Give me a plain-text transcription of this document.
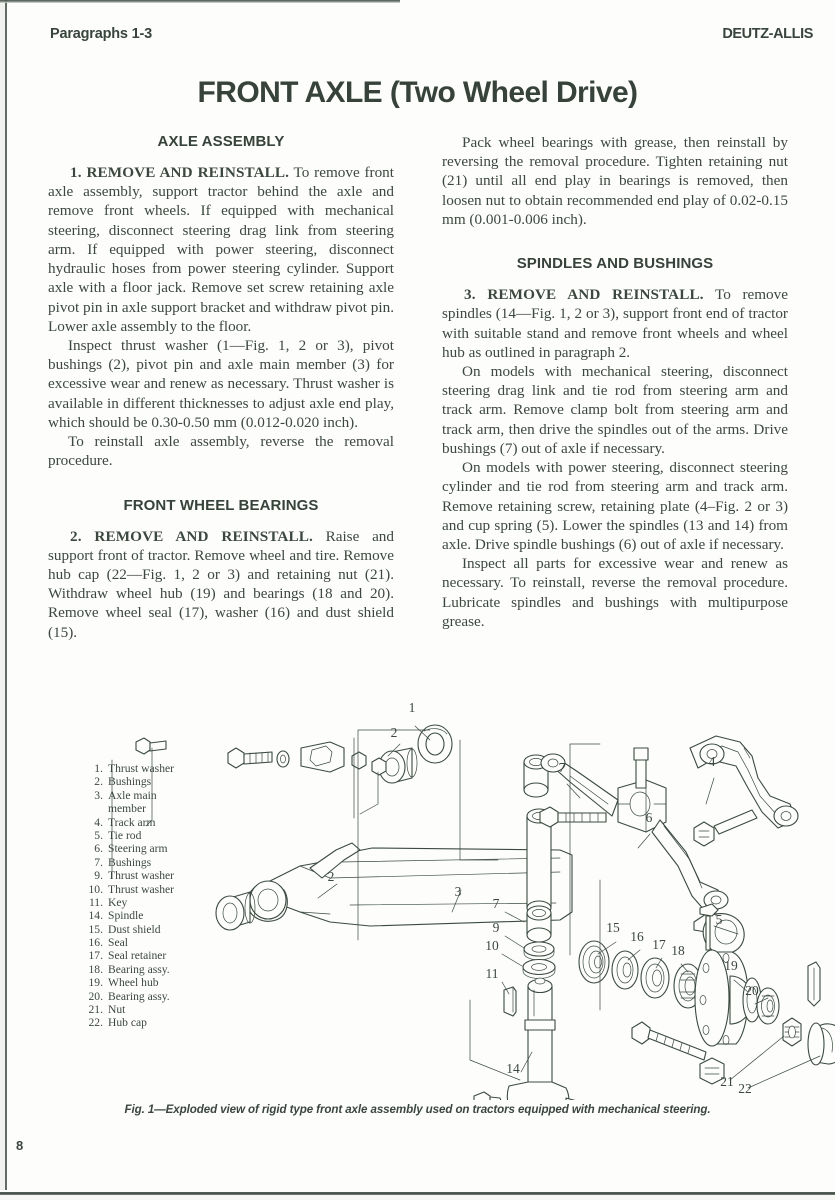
Paragraphs 1-3	DEUTZ-ALLIS
FRONT AXLE (Two Wheel Drive)
AXLE ASSEMBLY

1. REMOVE AND REINSTALL. To remove front axle assembly, support tractor behind the axle and remove front wheels. If equipped with mechanical steering, disconnect steering drag link from steering arm. If equipped with power steering, disconnect hydraulic hoses from power steering cylinder. Support axle with a floor jack. Remove set screw retaining axle pivot pin in axle support bracket and withdraw pivot pin. Lower axle assembly to the floor.

Inspect thrust washer (1—Fig. 1, 2 or 3), pivot bushings (2), pivot pin and axle main member (3) for excessive wear and renew as necessary. Thrust washer is available in different thicknesses to adjust axle end play, which should be 0.30-0.50 mm (0.012-0.020 inch).

To reinstall axle assembly, reverse the removal procedure.

FRONT WHEEL BEARINGS

2. REMOVE AND REINSTALL. Raise and support front of tractor. Remove wheel and tire. Remove hub cap (22—Fig. 1, 2 or 3) and retaining nut (21). Withdraw wheel hub (19) and bearings (18 and 20). Remove wheel seal (17), washer (16) and dust shield (15).

Pack wheel bearings with grease, then reinstall by reversing the removal procedure. Tighten retaining nut (21) until all end play in bearings is removed, then loosen nut to obtain recommended end play of 0.02-0.15 mm (0.001-0.006 inch).

SPINDLES AND BUSHINGS

3. REMOVE AND REINSTALL. To remove spindles (14—Fig. 1, 2 or 3), support front end of tractor with suitable stand and remove front wheels and wheel hub as outlined in paragraph 2.

On models with mechanical steering, disconnect steering drag link and tie rod from steering arm and track arm. Remove clamp bolt from steering arm and track arm, then drive the spindles out of the arms. Drive bushings (7) out of axle if necessary.

On models with power steering, disconnect steering cylinder and tie rod from steering arm and track arm. Remove retaining screw, retaining plate (4–Fig. 2 or 3) and cup spring (5). Lower the spindles (13 and 14) from axle. Drive spindle bushings (6) out of axle if necessary.

Inspect all parts for excessive wear and renew as necessary. To reinstall, reverse the removal procedure. Lubricate spindles and bushings with multipurpose grease.

1. Thrust washer
2. Bushings
3. Axle main
member
4. Track arm
5. Tie rod
6. Steering arm
7. Bushings
9. Thrust washer
10. Thrust washer
11. Key
14. Spindle
15. Dust shield
16. Seal
17. Seal retainer
18. Bearing assy.
19. Wheel hub
20. Bearing assy.
21. Nut
22. Hub cap
1
2
2
3
4
5
6
7
7
9
10
11
14
15
16
17 18
19
20
21 22
Fig. 1—Exploded view of rigid type front axle assembly used on tractors equipped with mechanical steering.
8
